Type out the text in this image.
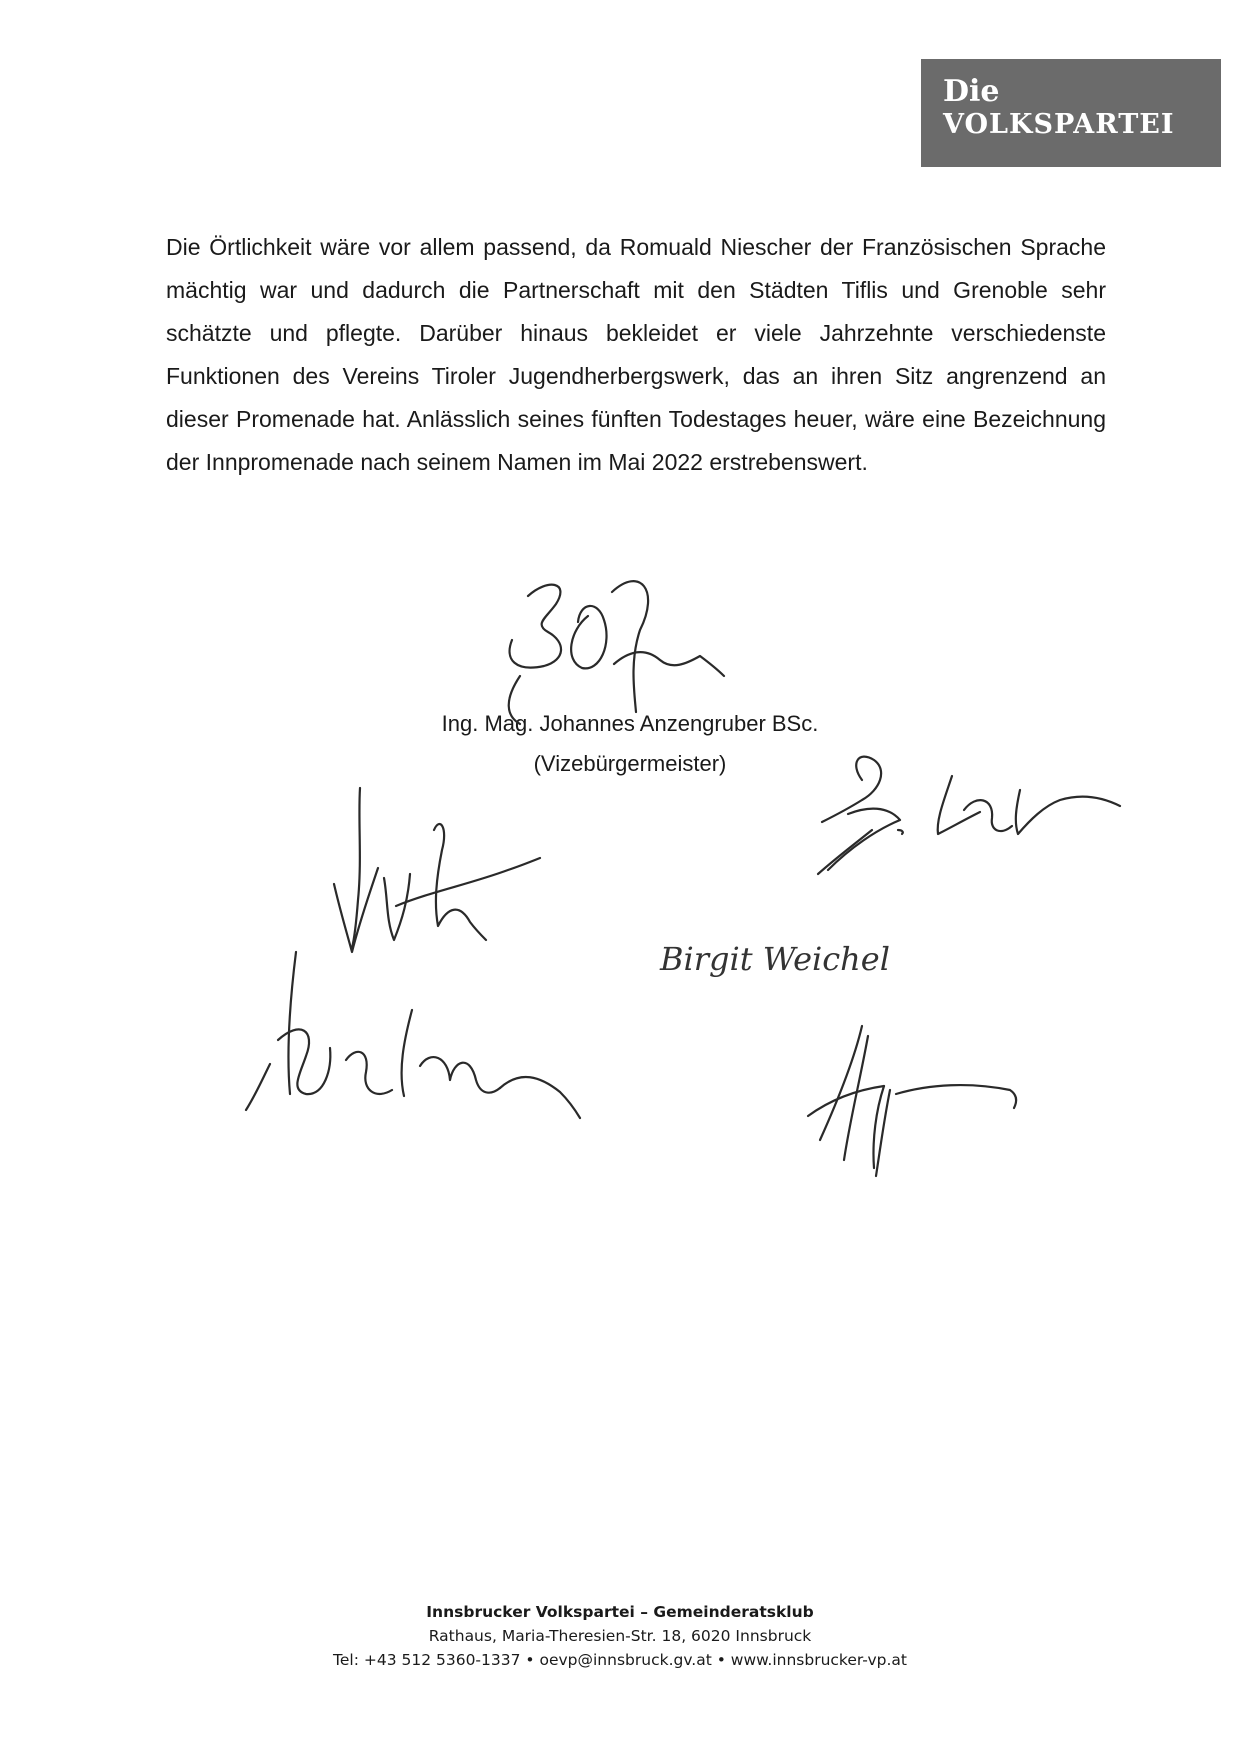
Die
VOLKSPARTEI

Die Örtlichkeit wäre vor allem passend, da Romuald Niescher der Französischen Sprache mächtig war und dadurch die Partnerschaft mit den Städten Tiflis und Grenoble sehr schätzte und pflegte. Darüber hinaus bekleidet er viele Jahrzehnte verschiedenste Funktionen des Vereins Tiroler Jugendherbergswerk, das an ihren Sitz angrenzend an dieser Promenade hat. Anlässlich seines fünften Todestages heuer, wäre eine Bezeichnung der Innpromenade nach seinem Namen im Mai 2022 erstrebenswert.

Ing. Mag. Johannes Anzengruber BSc.
(Vizebürgermeister)
Birgit Weichel
Innsbrucker Volkspartei – Gemeinderatsklub
Rathaus, Maria-Theresien-Str. 18, 6020 Innsbruck
Tel: +43 512 5360-1337 • oevp@innsbruck.gv.at • www.innsbrucker-vp.at
